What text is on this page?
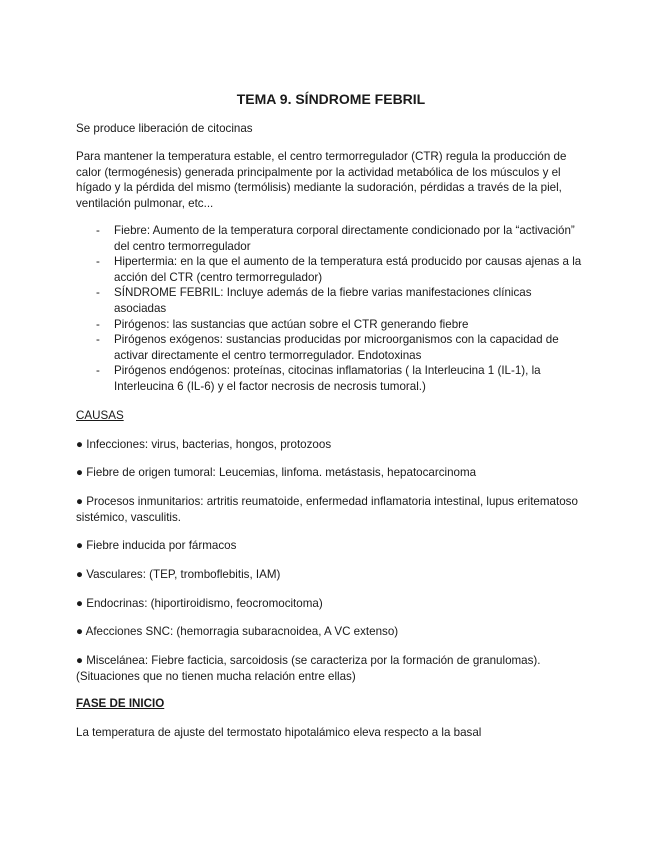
TEMA 9. SÍNDROME FEBRIL

Se produce liberación de citocinas

Para mantener la temperatura estable, el centro termorregulador (CTR) regula la producción de calor (termogénesis) generada principalmente por la actividad metabólica de los músculos y el hígado y la pérdida del mismo (termólisis) mediante la sudoración, pérdidas a través de la piel, ventilación pulmonar, etc...

- Fiebre: Aumento de la temperatura corporal directamente condicionado por la “activación” del centro termorregulador
- Hipertermia: en la que el aumento de la temperatura está producido por causas ajenas a la acción del CTR (centro termorregulador)
- SÍNDROME FEBRIL: Incluye además de la fiebre varias manifestaciones clínicas asociadas
- Pirógenos: las sustancias que actúan sobre el CTR generando fiebre
- Pirógenos exógenos: sustancias producidas por microorganismos con la capacidad de activar directamente el centro termorregulador. Endotoxinas
- Pirógenos endógenos: proteínas, citocinas inflamatorias ( la Interleucina 1 (IL-1), la Interleucina 6 (IL-6) y el factor necrosis de necrosis tumoral.)

CAUSAS

● Infecciones: virus, bacterias, hongos, protozoos

● Fiebre de origen tumoral: Leucemias, linfoma. metástasis, hepatocarcinoma

● Procesos inmunitarios: artritis reumatoide, enfermedad inflamatoria intestinal, lupus eritematoso sistémico, vasculitis.

● Fiebre inducida por fármacos

● Vasculares: (TEP, tromboflebitis, IAM)

● Endocrinas: (hiportiroidismo, feocromocitoma)

● Afecciones SNC: (hemorragia subaracnoidea, A VC extenso)

● Miscelánea: Fiebre facticia, sarcoidosis (se caracteriza por la formación de granulomas). (Situaciones que no tienen mucha relación entre ellas)

FASE DE INICIO

La temperatura de ajuste del termostato hipotalámico eleva respecto a la basal
